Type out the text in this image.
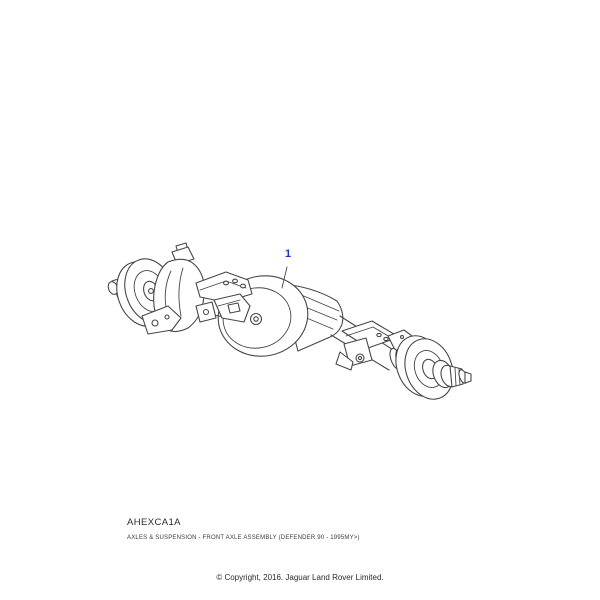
1
AHEXCA1A
AXLES & SUSPENSION - FRONT AXLE ASSEMBLY (DEFENDER 90 - 1995MY>)
© Copyright, 2016. Jaguar Land Rover Limited.
